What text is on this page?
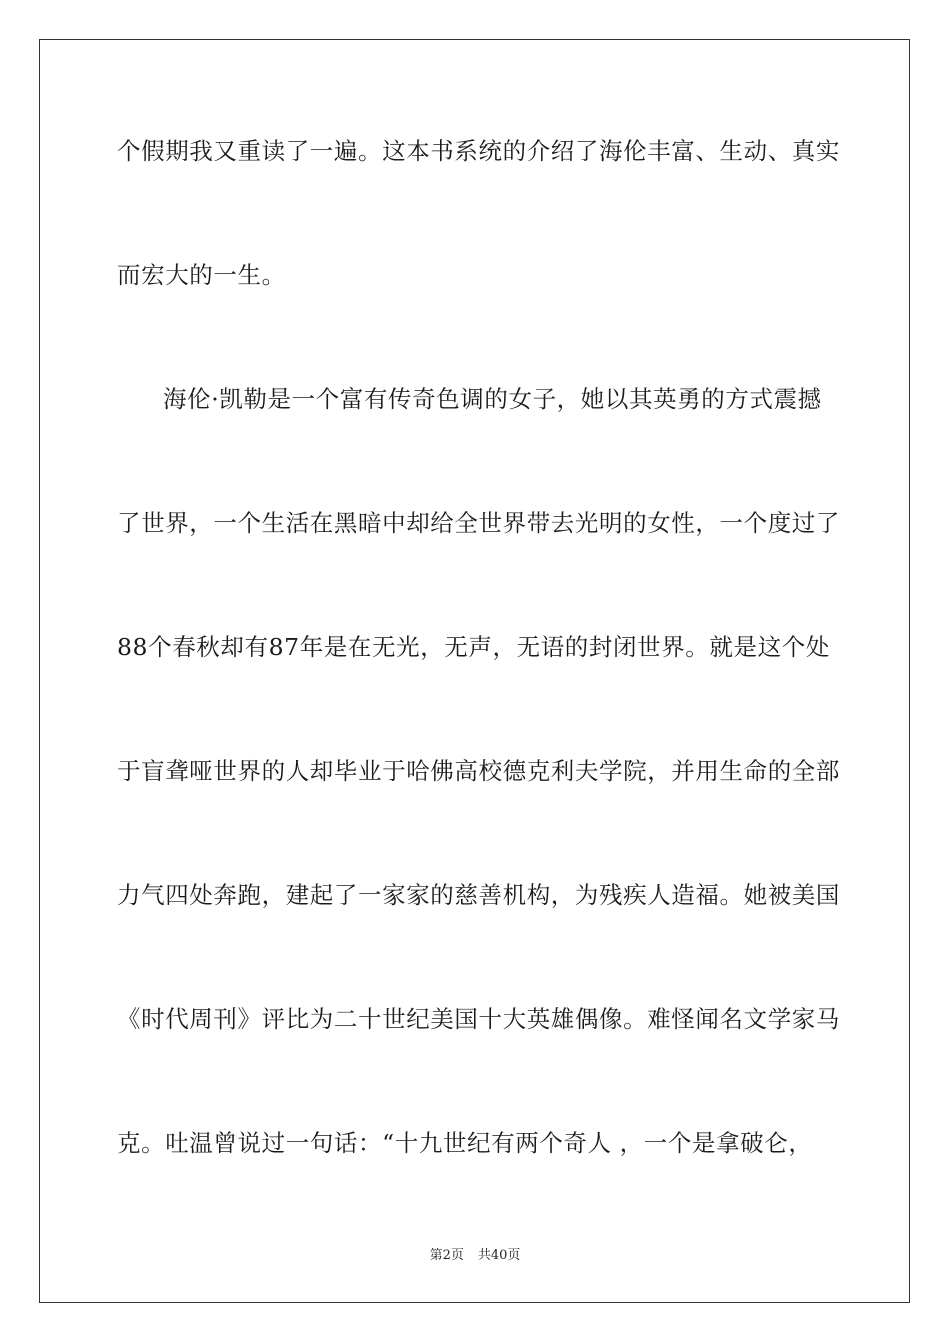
个假期我又重读了一遍。这本书系统的介绍了海伦丰富、生动、真实
而宏大的一生。
海伦·凯勒是一个富有传奇色调的女子，她以其英勇的方式震撼
了世界，一个生活在黑暗中却给全世界带去光明的女性，一个度过了
88个春秋却有87年是在无光，无声，无语的封闭世界。就是这个处
于盲聋哑世界的人却毕业于哈佛高校德克利夫学院，并用生命的全部
力气四处奔跑，建起了一家家的慈善机构，为残疾人造福。她被美国
《时代周刊》评比为二十世纪美国十大英雄偶像。难怪闻名文学家马
克。吐温曾说过一句话：“十九世纪有两个奇人 ，一个是拿破仑，
第2页 共40页
